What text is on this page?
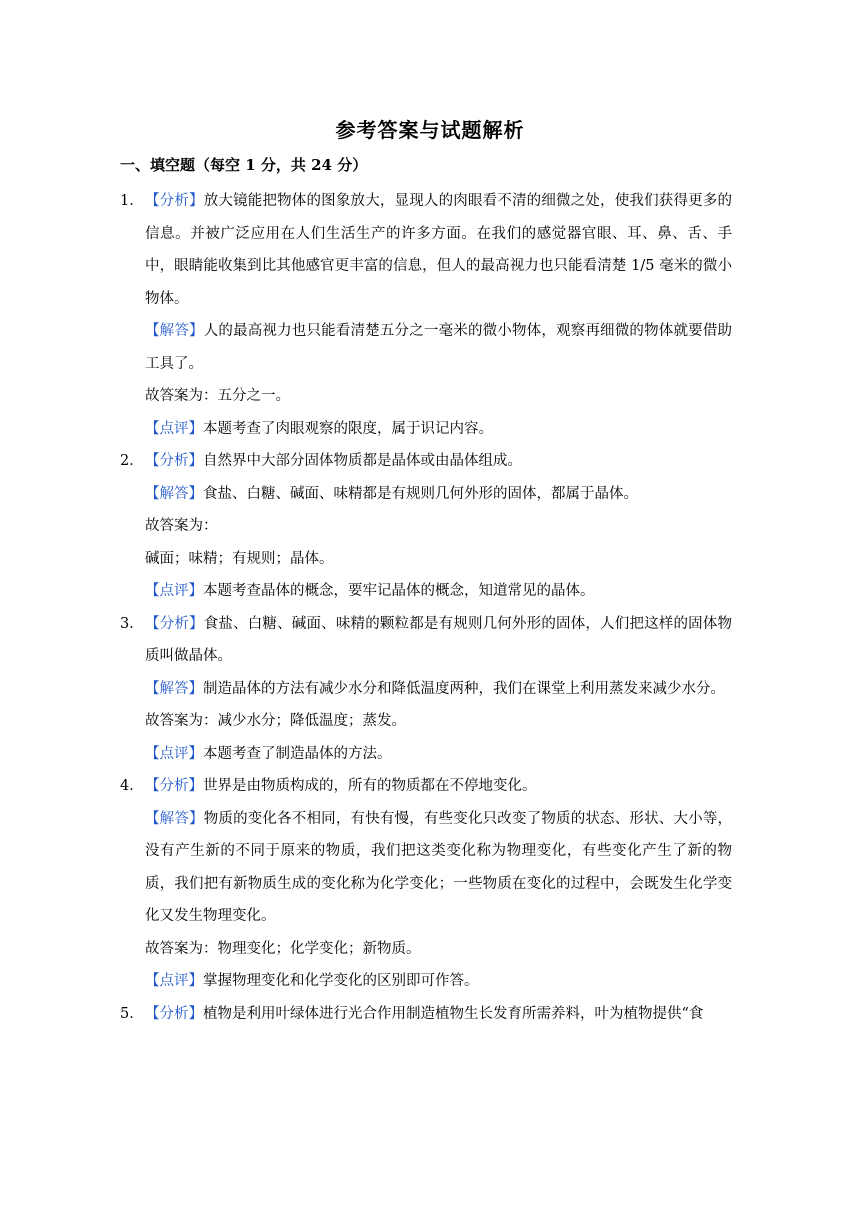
参考答案与试题解析
一、填空题（每空 1 分，共 24 分）
1． 【分析】放大镜能把物体的图象放大，显现人的肉眼看不清的细微之处，使我们获得更多的信息。并被广泛应用在人们生活生产的许多方面。在我们的感觉器官眼、耳、鼻、舌、手中，眼睛能收集到比其他感官更丰富的信息，但人的最高视力也只能看清楚 1/5 毫米的微小物体。

【解答】人的最高视力也只能看清楚五分之一毫米的微小物体，观察再细微的物体就要借助工具了。

故答案为：五分之一。

【点评】本题考查了肉眼观察的限度，属于识记内容。

2． 【分析】自然界中大部分固体物质都是晶体或由晶体组成。

【解答】食盐、白糖、碱面、味精都是有规则几何外形的固体，都属于晶体。

故答案为：

碱面；味精；有规则；晶体。

【点评】本题考查晶体的概念，要牢记晶体的概念，知道常见的晶体。

3． 【分析】食盐、白糖、碱面、味精的颗粒都是有规则几何外形的固体，人们把这样的固体物质叫做晶体。

【解答】制造晶体的方法有减少水分和降低温度两种，我们在课堂上利用蒸发来减少水分。

故答案为：减少水分；降低温度；蒸发。

【点评】本题考查了制造晶体的方法。

4． 【分析】世界是由物质构成的，所有的物质都在不停地变化。

【解答】物质的变化各不相同，有快有慢，有些变化只改变了物质的状态、形状、大小等，没有产生新的不同于原来的物质，我们把这类变化称为物理变化，有些变化产生了新的物质，我们把有新物质生成的变化称为化学变化；一些物质在变化的过程中，会既发生化学变化又发生物理变化。

故答案为：物理变化；化学变化；新物质。

【点评】掌握物理变化和化学变化的区别即可作答。

5． 【分析】植物是利用叶绿体进行光合作用制造植物生长发育所需养料，叶为植物提供“食
